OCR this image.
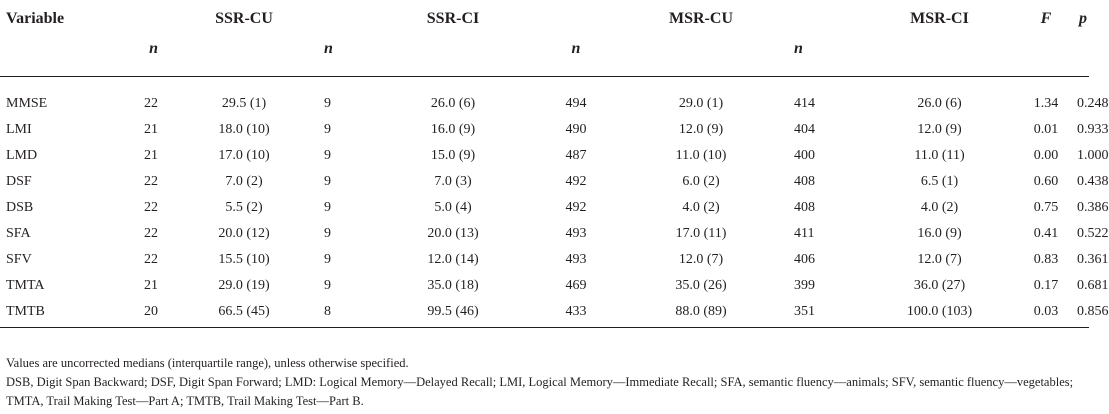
Variable		SSR-CU		SSR-CI		MSR-CU		MSR-CI	F	p
	n		n		n		n			

MMSE	22	29.5 (1)	9	26.0 (6)	494	29.0 (1)	414	26.0 (6)	1.34	0.248
LMI	21	18.0 (10)	9	16.0 (9)	490	12.0 (9)	404	12.0 (9)	0.01	0.933
LMD	21	17.0 (10)	9	15.0 (9)	487	11.0 (10)	400	11.0 (11)	0.00	1.000
DSF	22	7.0 (2)	9	7.0 (3)	492	6.0 (2)	408	6.5 (1)	0.60	0.438
DSB	22	5.5 (2)	9	5.0 (4)	492	4.0 (2)	408	4.0 (2)	0.75	0.386
SFA	22	20.0 (12)	9	20.0 (13)	493	17.0 (11)	411	16.0 (9)	0.41	0.522
SFV	22	15.5 (10)	9	12.0 (14)	493	12.0 (7)	406	12.0 (7)	0.83	0.361
TMTA	21	29.0 (19)	9	35.0 (18)	469	35.0 (26)	399	36.0 (27)	0.17	0.681
TMTB	20	66.5 (45)	8	99.5 (46)	433	88.0 (89)	351	100.0 (103)	0.03	0.856

Values are uncorrected medians (interquartile range), unless otherwise specified.

DSB, Digit Span Backward; DSF, Digit Span Forward; LMD: Logical Memory—Delayed Recall; LMI, Logical Memory—Immediate Recall; SFA, semantic fluency—animals; SFV, semantic fluency—vegetables; TMTA, Trail Making Test—Part A; TMTB, Trail Making Test—Part B.
